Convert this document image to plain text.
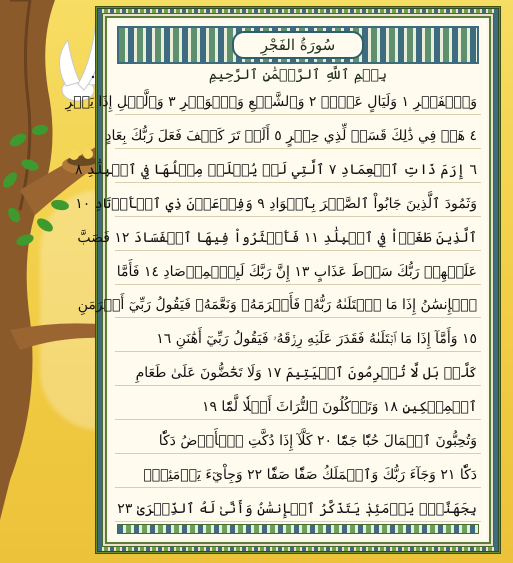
سُورَةُ الفَجْرِ
بِسۡمِ ٱللَّهِ ٱلرَّحۡمَٰنِ ٱلرَّحِيمِ
وَٱلۡفَجۡرِ ١ وَلَيَالٍ عَشۡرٖ ٢ وَٱلشَّفۡعِ وَٱلۡوَتۡرِ ٣ وَٱلَّيۡلِ إِذَا يَسۡرِ
٤ هَلۡ فِي ذَٰلِكَ قَسَمٞ لِّذِي حِجۡرٍ ٥ أَلَمۡ تَرَ كَيۡفَ فَعَلَ رَبُّكَ بِعَادٍ
٦ إِرَمَ ذَاتِ ٱلۡعِمَادِ ٧ ٱلَّتِي لَمۡ يُخۡلَقۡ مِثۡلُهَا فِي ٱلۡبِلَٰدِ ٨
وَثَمُودَ ٱلَّذِينَ جَابُواْ ٱلصَّخۡرَ بِٱلۡوَادِ ٩ وَفِرۡعَوۡنَ ذِي ٱلۡأَوۡتَادِ ١٠
ٱلَّذِينَ طَغَوۡاْ فِي ٱلۡبِلَٰدِ ١١ فَأَكۡثَرُواْ فِيهَا ٱلۡفَسَادَ ١٢ فَصَبَّ
عَلَيۡهِمۡ رَبُّكَ سَوۡطَ عَذَابٍ ١٣ إِنَّ رَبَّكَ لَبِٱلۡمِرۡصَادِ ١٤ فَأَمَّا
ٱلۡإِنسَٰنُ إِذَا مَا ٱبۡتَلَىٰهُ رَبُّهُۥ فَأَكۡرَمَهُۥ وَنَعَّمَهُۥ فَيَقُولُ رَبِّيٓ أَكۡرَمَنِ
١٥ وَأَمَّآ إِذَا مَا ٱبۡتَلَىٰهُ فَقَدَرَ عَلَيۡهِ رِزۡقَهُۥ فَيَقُولُ رَبِّيٓ أَهَٰنَنِ ١٦
كَلَّاۖ بَل لَّا تُكۡرِمُونَ ٱلۡيَتِيمَ ١٧ وَلَا تَحَٰٓضُّونَ عَلَىٰ طَعَامِ
ٱلۡمِسۡكِينِ ١٨ وَتَأۡكُلُونَ ٱلتُّرَاثَ أَكۡلٗا لَّمّٗا ١٩
وَتُحِبُّونَ ٱلۡمَالَ حُبّٗا جَمّٗا ٢٠ كَلَّآ إِذَا دُكَّتِ ٱلۡأَرۡضُ دَكّٗا
دَكّٗا ٢١ وَجَآءَ رَبُّكَ وَٱلۡمَلَكُ صَفّٗا صَفّٗا ٢٢ وَجِاْيٓءَ يَوۡمَئِذِۭ
بِجَهَنَّمَۚ يَوۡمَئِذٖ يَتَذَكَّرُ ٱلۡإِنسَٰنُ وَأَنَّىٰ لَهُ ٱلذِّكۡرَىٰ ٢٣
